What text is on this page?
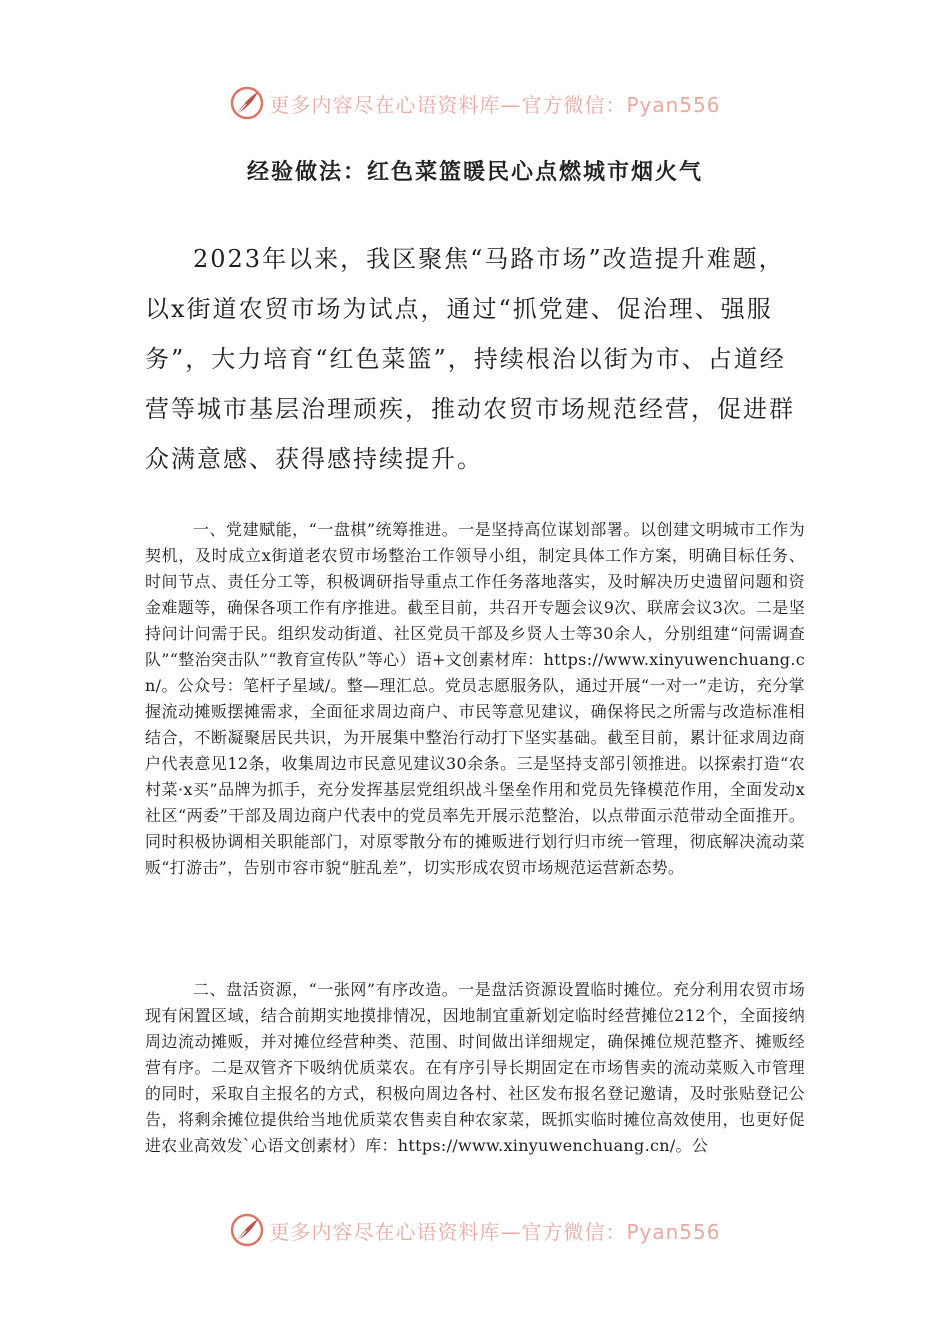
更多内容尽在心语资料库—官方微信：Pyan556
经验做法：红色菜篮暖民心点燃城市烟火气

2023年以来，我区聚焦“马路市场”改造提升难题，以x街道农贸市场为试点，通过“抓党建、促治理、强服务”，大力培育“红色菜篮”，持续根治以街为市、占道经营等城市基层治理顽疾，推动农贸市场规范经营，促进群众满意感、获得感持续提升。

一、党建赋能，“一盘棋”统筹推进。一是坚持高位谋划部署。以创建文明城市工作为契机，及时成立x街道老农贸市场整治工作领导小组，制定具体工作方案，明确目标任务、时间节点、责任分工等，积极调研指导重点工作任务落地落实，及时解决历史遗留问题和资金难题等，确保各项工作有序推进。截至目前，共召开专题会议9次、联席会议3次。二是坚持问计问需于民。组织发动街道、社区党员干部及乡贤人士等30余人，分别组建“问需调查队”“整治突击队”“教育宣传队”等心）语+文创素材库：https://www.xinyuwenchuang.cn/。公众号：笔杆子星域/。整—理汇总。党员志愿服务队，通过开展“一对一”走访，充分掌握流动摊贩摆摊需求，全面征求周边商户、市民等意见建议，确保将民之所需与改造标准相结合，不断凝聚居民共识，为开展集中整治行动打下坚实基础。截至目前，累计征求周边商户代表意见12条，收集周边市民意见建议30余条。三是坚持支部引领推进。以探索打造“农村菜·x买”品牌为抓手，充分发挥基层党组织战斗堡垒作用和党员先锋模范作用，全面发动x社区“两委”干部及周边商户代表中的党员率先开展示范整治，以点带面示范带动全面推开。同时积极协调相关职能部门，对原零散分布的摊贩进行划行归市统一管理，彻底解决流动菜贩“打游击”，告别市容市貌“脏乱差”，切实形成农贸市场规范运营新态势。

二、盘活资源，“一张网”有序改造。一是盘活资源设置临时摊位。充分利用农贸市场现有闲置区域，结合前期实地摸排情况，因地制宜重新划定临时经营摊位212个，全面接纳周边流动摊贩，并对摊位经营种类、范围、时间做出详细规定，确保摊位规范整齐、摊贩经营有序。二是双管齐下吸纳优质菜农。在有序引导长期固定在市场售卖的流动菜贩入市管理的同时，采取自主报名的方式，积极向周边各村、社区发布报名登记邀请，及时张贴登记公告，将剩余摊位提供给当地优质菜农售卖自种农家菜，既抓实临时摊位高效使用，也更好促进农业高效发`心语文创素材）库：https://www.xinyuwenchuang.cn/。公

更多内容尽在心语资料库—官方微信：Pyan556
